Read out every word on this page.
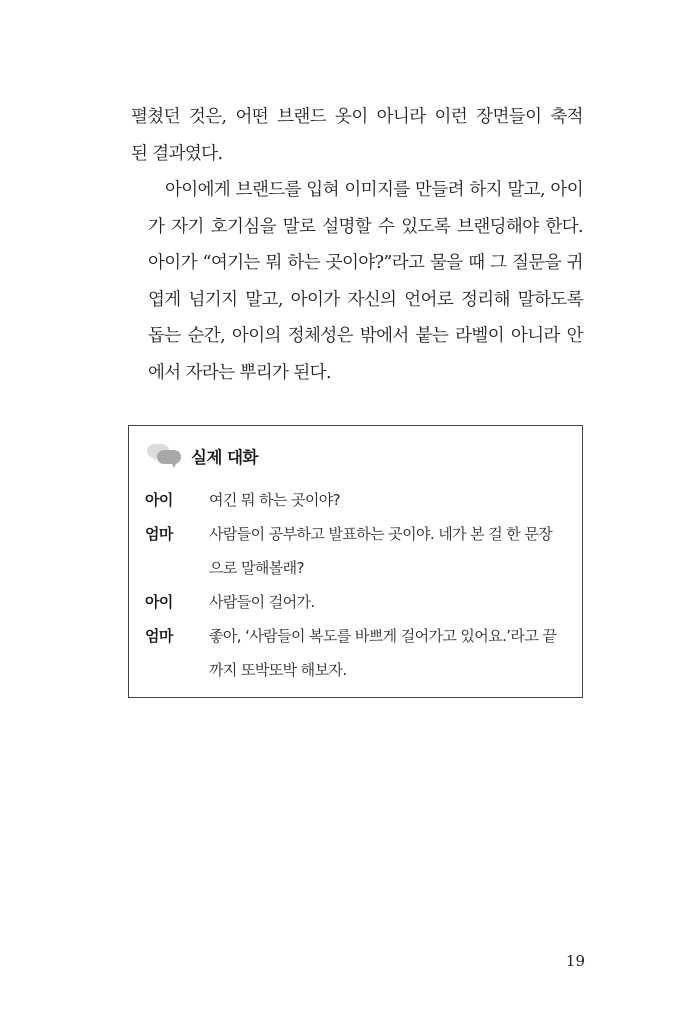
펼쳤던 것은, 어떤 브랜드 옷이 아니라 이런 장면들이 축적
된 결과였다.

아이에게 브랜드를 입혀 이미지를 만들려 하지 말고, 아이
가 자기 호기심을 말로 설명할 수 있도록 브랜딩해야 한다.
아이가 “여기는 뭐 하는 곳이야?”라고 물을 때 그 질문을 귀
엽게 넘기지 말고, 아이가 자신의 언어로 정리해 말하도록
돕는 순간, 아이의 정체성은 밖에서 붙는 라벨이 아니라 안
에서 자라는 뿌리가 된다.

실제 대화
아이	여긴 뭐 하는 곳이야?
엄마	사람들이 공부하고 발표하는 곳이야. 네가 본 걸 한 문장
으로 말해볼래?
아이	사람들이 걸어가.
엄마	좋아, ‘사람들이 복도를 바쁘게 걸어가고 있어요.’라고 끝
까지 또박또박 해보자.
19
